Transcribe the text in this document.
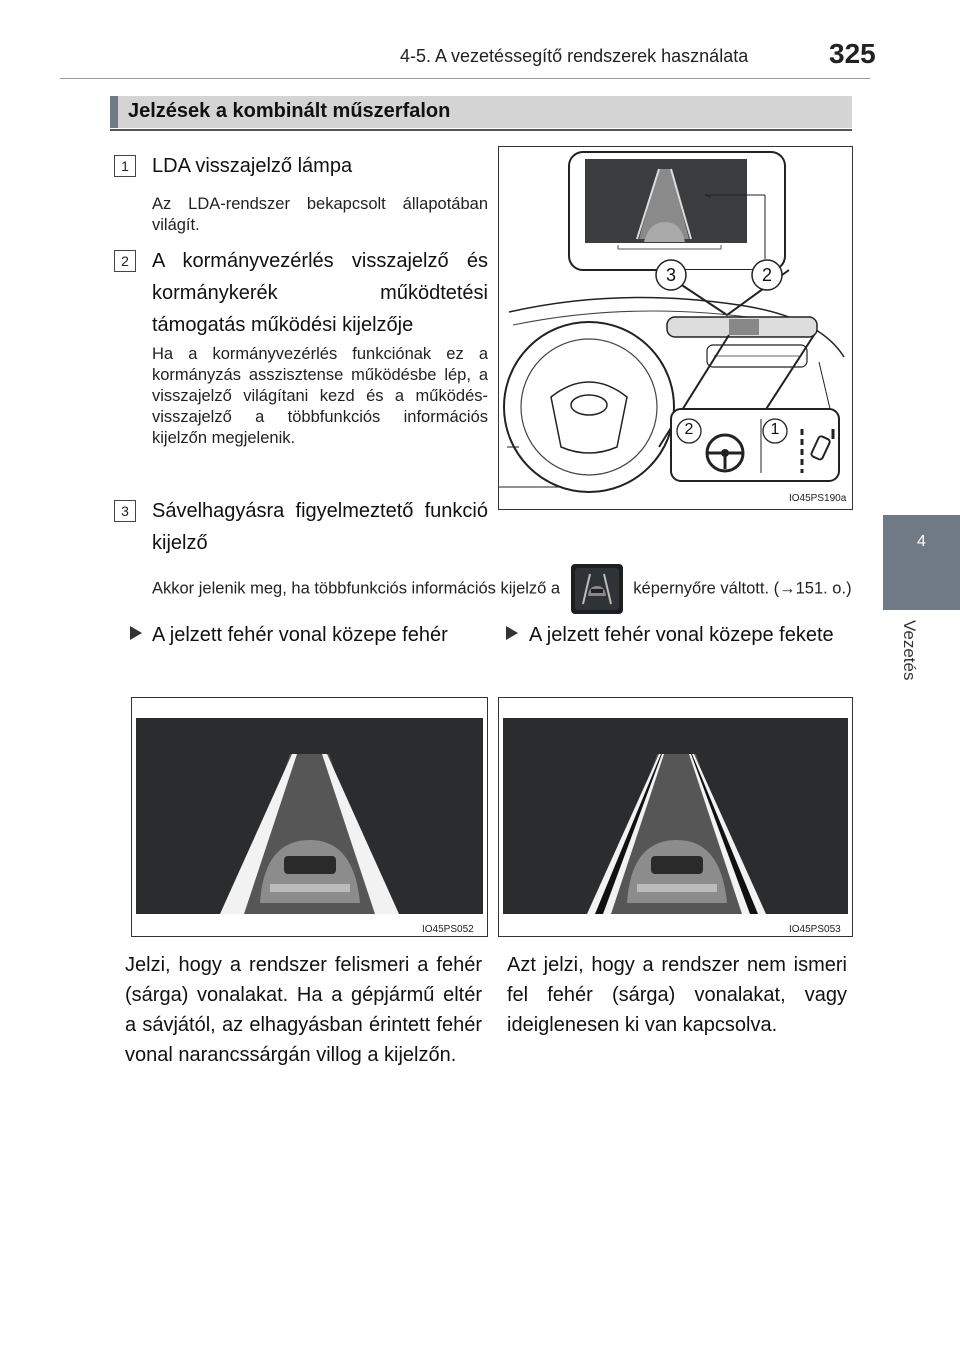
4-5. A vezetéssegítő rendszerek használata	325
4
Vezetés
Jelzések a kombinált műszerfalon
1	LDA visszajelző lámpa
Az LDA-rendszer bekapcsolt állapotában világít.
2	A kormányvezérlés visszajelző és kormánykerék működtetési támogatás működési kijelzője
Ha a kormányvezérlés funkciónak ez a kormányzás asszisztense működésbe lép, a visszajelző világítani kezd és a működés-visszajelző a többfunkciós információs kijelzőn megjelenik.
3	Sávelhagyásra figyelmeztető funkció kijelző
Akkor jelenik meg, ha többfunkciós információs kijelző a	képernyőre váltott. (→151. o.)
3	2
2	1
IO45PS190a
A jelzett fehér vonal közepe fehér	A jelzett fehér vonal közepe fekete
IO45PS052	IO45PS053
Jelzi, hogy a rendszer felismeri a fehér (sárga) vonalakat. Ha a gépjármű eltér a sávjától, az elhagyásban érintett fehér vonal narancssárgán villog a kijelzőn.
Azt jelzi, hogy a rendszer nem ismeri fel fehér (sárga) vonalakat, vagy ideiglenesen ki van kapcsolva.
